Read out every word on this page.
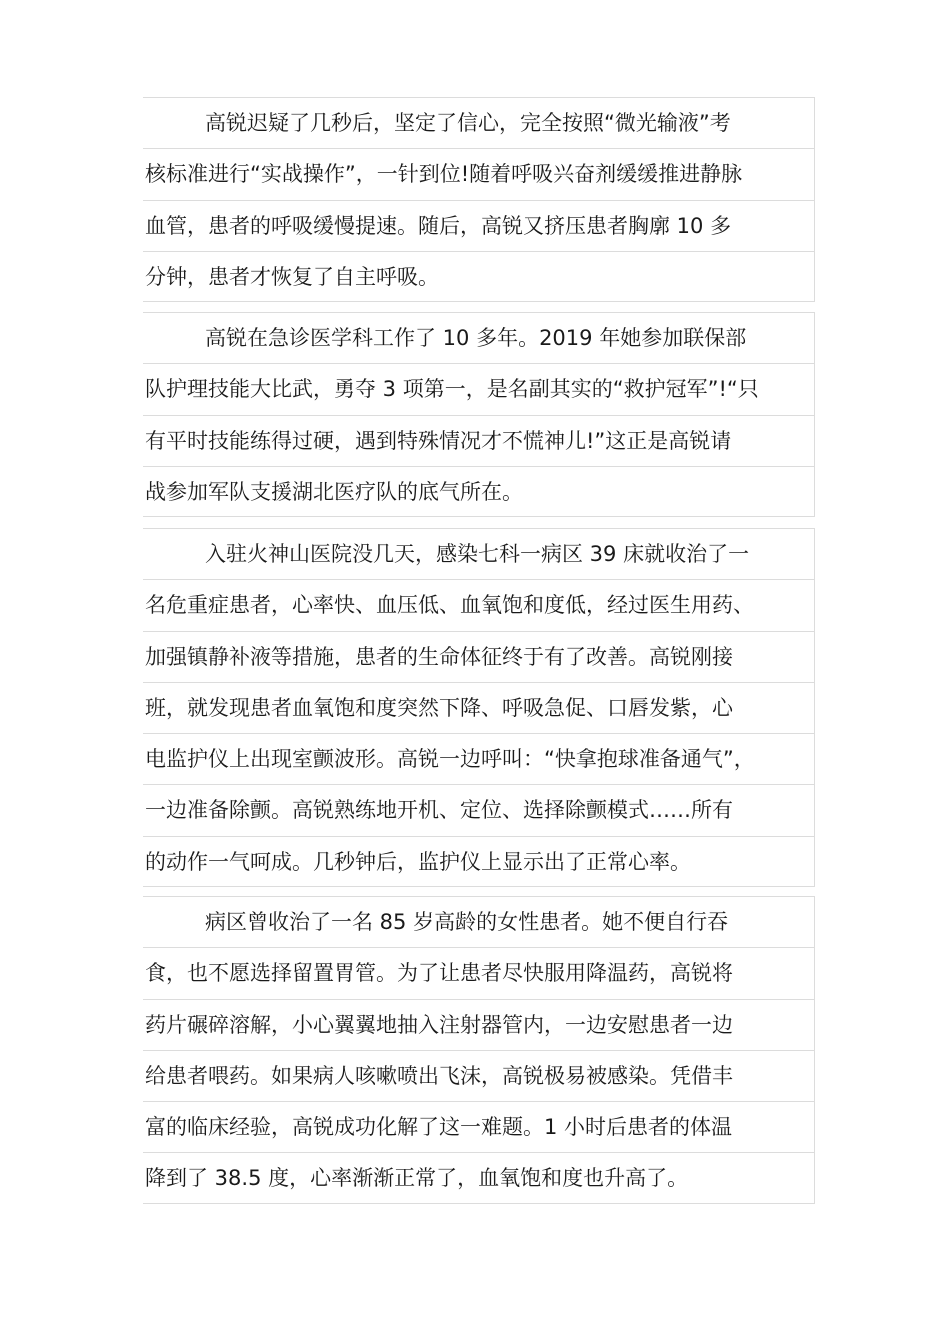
高锐迟疑了几秒后，坚定了信心，完全按照“微光输液”考
核标准进行“实战操作”，一针到位!随着呼吸兴奋剂缓缓推进静脉
血管，患者的呼吸缓慢提速。随后，高锐又挤压患者胸廓 10 多
分钟，患者才恢复了自主呼吸。
高锐在急诊医学科工作了 10 多年。2019 年她参加联保部
队护理技能大比武，勇夺 3 项第一，是名副其实的“救护冠军”!“只
有平时技能练得过硬，遇到特殊情况才不慌神儿!”这正是高锐请
战参加军队支援湖北医疗队的底气所在。
入驻火神山医院没几天，感染七科一病区 39 床就收治了一
名危重症患者，心率快、血压低、血氧饱和度低，经过医生用药、
加强镇静补液等措施，患者的生命体征终于有了改善。高锐刚接
班，就发现患者血氧饱和度突然下降、呼吸急促、口唇发紫，心
电监护仪上出现室颤波形。高锐一边呼叫：“快拿抱球准备通气”，
一边准备除颤。高锐熟练地开机、定位、选择除颤模式……所有
的动作一气呵成。几秒钟后，监护仪上显示出了正常心率。
病区曾收治了一名 85 岁高龄的女性患者。她不便自行吞
食，也不愿选择留置胃管。为了让患者尽快服用降温药，高锐将
药片碾碎溶解，小心翼翼地抽入注射器管内，一边安慰患者一边
给患者喂药。如果病人咳嗽喷出飞沫，高锐极易被感染。凭借丰
富的临床经验，高锐成功化解了这一难题。1 小时后患者的体温
降到了 38.5 度，心率渐渐正常了，血氧饱和度也升高了。
